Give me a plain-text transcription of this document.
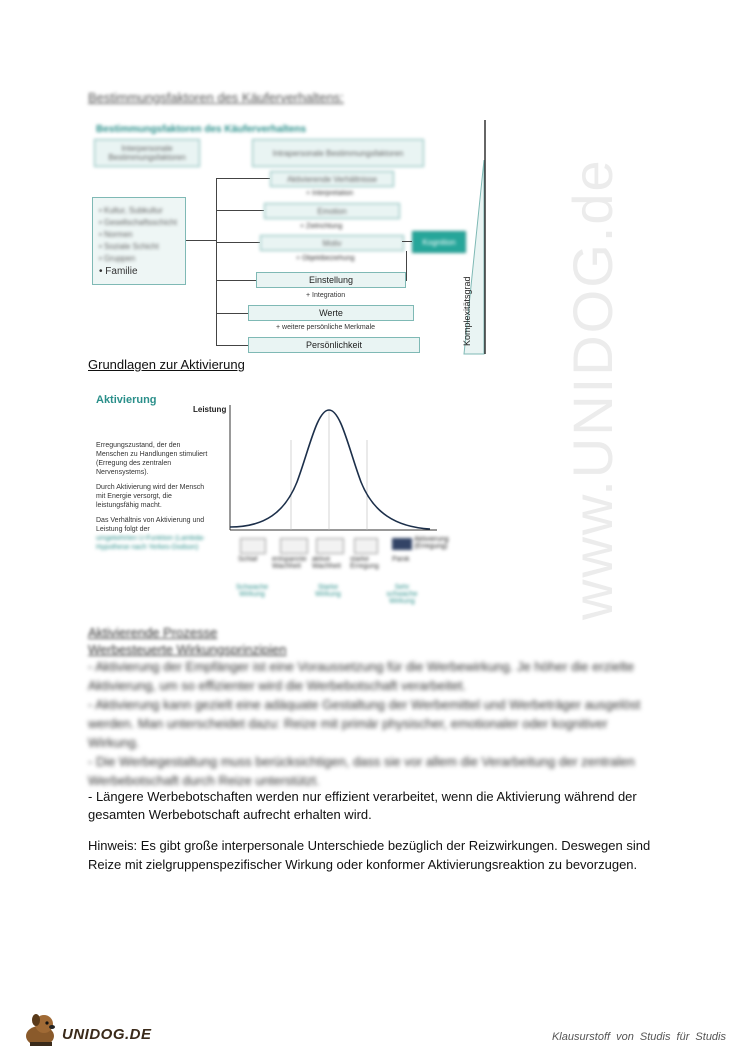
Bestimmungsfaktoren des Käuferverhaltens:
Bestimmungsfaktoren des Käuferverhaltens
Interpersonale Bestimmungsfaktoren	Intrapersonale Bestimmungsfaktoren
• Kultur, Subkultur
• Gesellschaftsschicht
• Normen
• Soziale Schicht
• Gruppen
• Familie
Aktivierende Verhältnisse
+ Interpretation
Emotion
+ Zielrichtung
Motiv
+ Objektbeziehung
Kognition
Einstellung
+ Integration
Werte
+ weitere persönliche Merkmale
Persönlichkeit	Komplexitätsgrad
Grundlagen zur Aktivierung
Aktivierung

Erregungszustand, der den Menschen zu Handlungen stimuliert (Erregung des zentralen Nervensystems).

Durch Aktivierung wird der Mensch mit Energie versorgt, die leistungsfähig macht.

Das Verhältnis von Aktivierung und Leistung folgt der

umgekehrten U-Funktion (Lambda-Hypothese nach Yerkes-Dodson)

Leistung
Aktivierung (Erregung)
Schlaf entspannte Wachheit
aktive Wachheit
starke Erregung
Panik
Schwache Wirkung
Starke Wirkung
Sehr schwache Wirkung
Aktivierende Prozesse
Werbesteuerte Wirkungsprinzipien

- Aktivierung der Empfänger ist eine Voraussetzung für die Werbewirkung. Je höher die erzielte Aktivierung, um so effizienter wird die Werbebotschaft verarbeitet.

- Aktivierung kann gezielt eine adäquate Gestaltung der Werbemittel und Werbeträger ausgelöst werden. Man unterscheidet dazu: Reize mit primär physischer, emotionaler oder kognitiver Wirkung.

- Die Werbegestaltung muss berücksichtigen, dass sie vor allem die Verarbeitung der zentralen Werbebotschaft durch Reize unterstützt.

- Längere Werbebotschaften werden nur effizient verarbeitet, wenn die Aktivierung während der gesamten Werbebotschaft aufrecht erhalten wird.
Hinweis: Es gibt große interpersonale Unterschiede bezüglich der Reizwirkungen. Deswegen sind Reize mit zielgruppenspezifischer Wirkung oder konformer Aktivierungsreaktion zu bevorzugen.
www.UNIDOG.de
UNIDOG.DE	Klausurstoff von Studis für Studis
